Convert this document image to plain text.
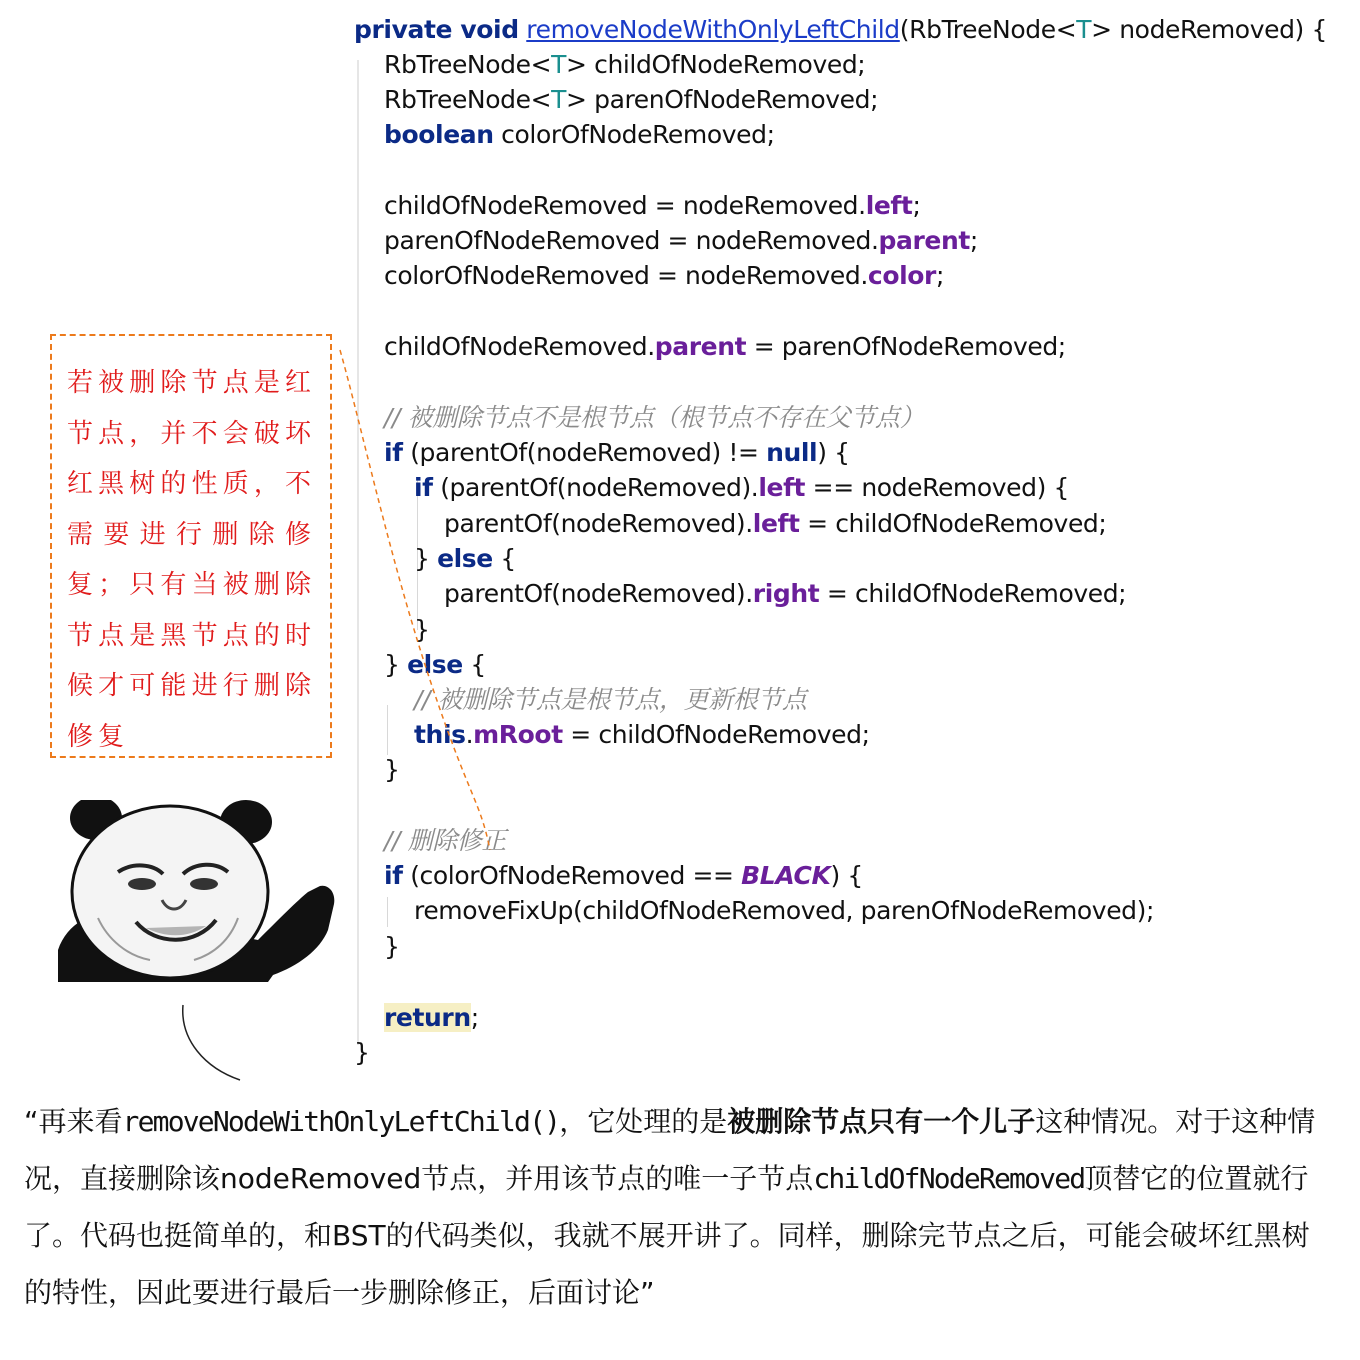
private void removeNodeWithOnlyLeftChild(RbTreeNode<T> nodeRemoved) {
RbTreeNode<T> childOfNodeRemoved;
RbTreeNode<T> parenOfNodeRemoved;
boolean colorOfNodeRemoved;
childOfNodeRemoved = nodeRemoved.left;
parenOfNodeRemoved = nodeRemoved.parent;
colorOfNodeRemoved = nodeRemoved.color;
childOfNodeRemoved.parent = parenOfNodeRemoved;
// 被删除节点不是根节点（根节点不存在父节点）
if (parentOf(nodeRemoved) != null) {
if (parentOf(nodeRemoved).left == nodeRemoved) {
parentOf(nodeRemoved).left = childOfNodeRemoved;
} else {
parentOf(nodeRemoved).right = childOfNodeRemoved;
}
} else {
// 被删除节点是根节点，更新根节点
this.mRoot = childOfNodeRemoved;
}
// 删除修正
if (colorOfNodeRemoved == BLACK) {
removeFixUp(childOfNodeRemoved, parenOfNodeRemoved);
}
return;
}
若被删除节点是红节点，并不会破坏红黑树的性质，不需要进行删除修复；只有当被删除节点是黑节点的时候才可能进行删除修复
“再来看removeNodeWithOnlyLeftChild()，它处理的是被删除节点只有一个儿子这种情况。对于这种情况，直接删除该nodeRemoved节点，并用该节点的唯一子节点childOfNodeRemoved顶替它的位置就行了。代码也挺简单的，和BST的代码类似，我就不展开讲了。同样，删除完节点之后，可能会破坏红黑树的特性，因此要进行最后一步删除修正，后面讨论”
